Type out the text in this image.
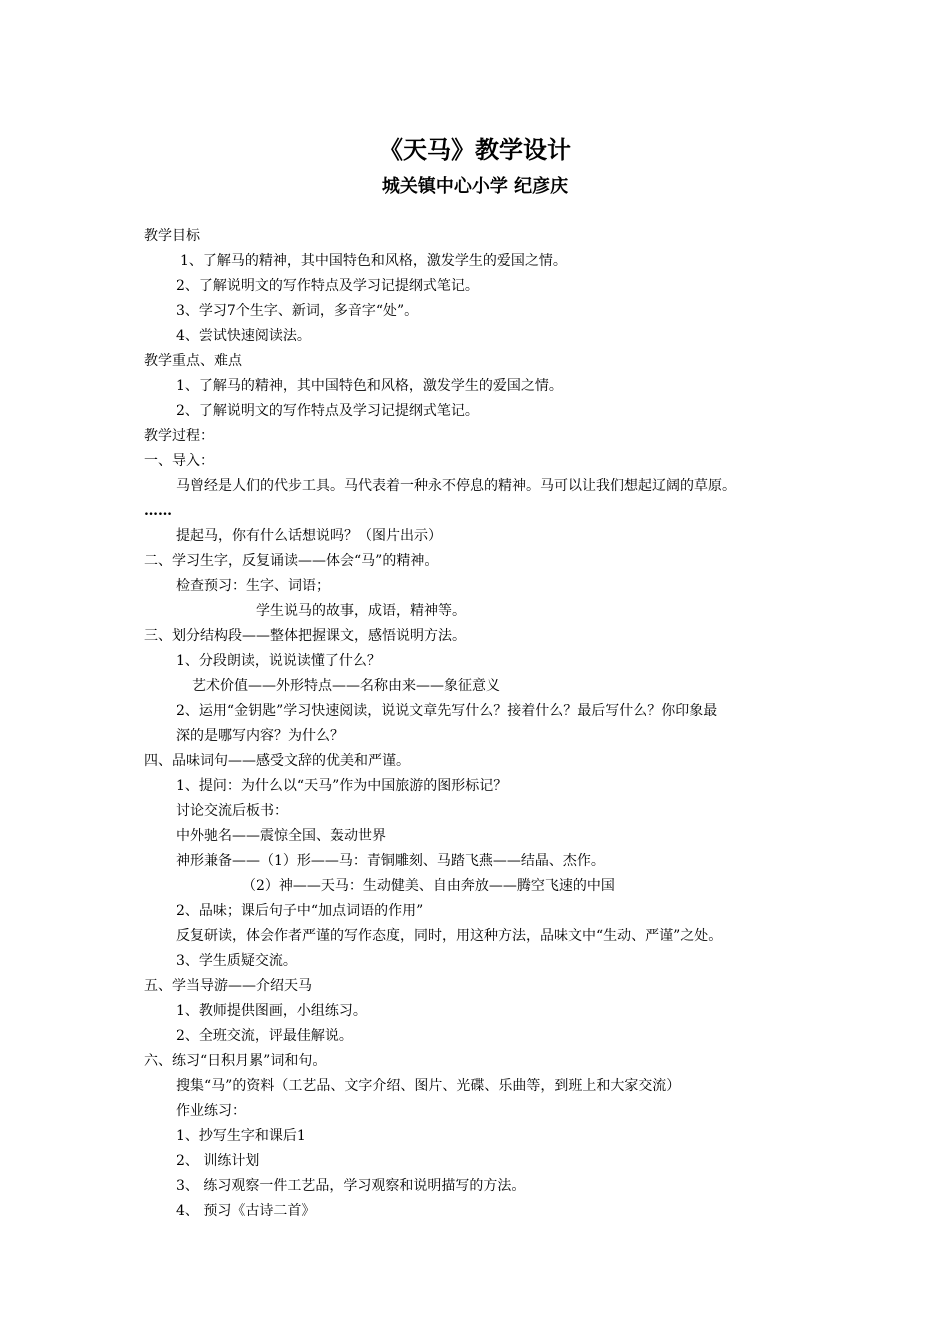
《天马》教学设计
城关镇中心小学 纪彦庆
教学目标
1、了解马的精神，其中国特色和风格，激发学生的爱国之情。
2、了解说明文的写作特点及学习记提纲式笔记。
3、学习7个生字、新词，多音字“处”。
4、尝试快速阅读法。
教学重点、难点
1、了解马的精神，其中国特色和风格，激发学生的爱国之情。
2、了解说明文的写作特点及学习记提纲式笔记。
教学过程：
一、导入：
马曾经是人们的代步工具。马代表着一种永不停息的精神。马可以让我们想起辽阔的草原。
……
提起马，你有什么话想说吗？（图片出示）
二、学习生字，反复诵读——体会“马”的精神。
检查预习：生字、词语；
学生说马的故事，成语，精神等。
三、划分结构段——整体把握课文，感悟说明方法。
1、分段朗读，说说读懂了什么？
艺术价值——外形特点——名称由来——象征意义
2、运用“金钥匙”学习快速阅读，说说文章先写什么？接着什么？最后写什么？你印象最
深的是哪写内容？为什么？
四、品味词句——感受文辞的优美和严谨。
1、提问：为什么以“天马”作为中国旅游的图形标记？
讨论交流后板书：
中外驰名——震惊全国、轰动世界
神形兼备——（1）形——马：青铜雕刻、马踏飞燕——结晶、杰作。
（2）神——天马：生动健美、自由奔放——腾空飞速的中国
2、品味；课后句子中“加点词语的作用”
反复研读，体会作者严谨的写作态度，同时，用这种方法，品味文中“生动、严谨”之处。
3、学生质疑交流。
五、学当导游——介绍天马
1、教师提供图画，小组练习。
2、全班交流，评最佳解说。
六、练习“日积月累”词和句。
搜集“马”的资料（工艺品、文字介绍、图片、光碟、乐曲等，到班上和大家交流）
作业练习：
1、抄写生字和课后1
2、 训练计划
3、 练习观察一件工艺品，学习观察和说明描写的方法。
4、 预习《古诗二首》
